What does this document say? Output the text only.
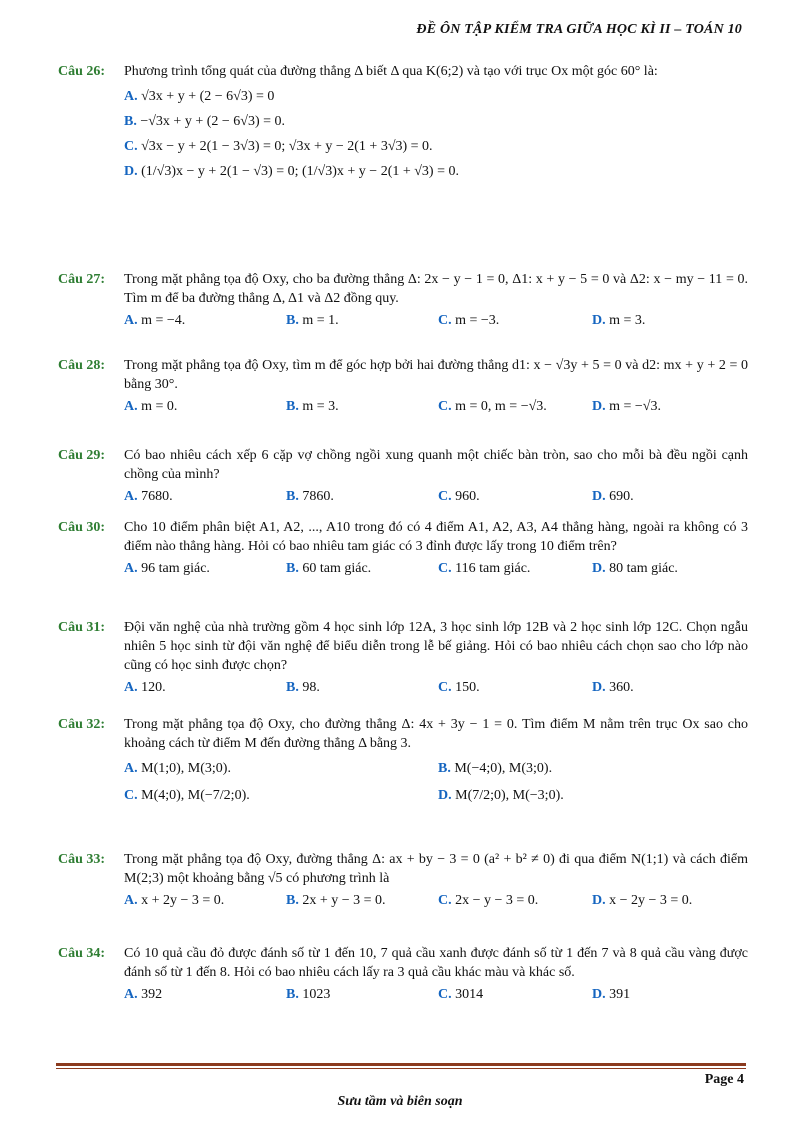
ĐỀ ÔN TẬP KIỂM TRA GIỮA HỌC KÌ II – TOÁN 10
Câu 26: Phương trình tổng quát của đường thẳng Δ biết Δ qua K(6;2) và tạo với trục Ox một góc 60° là:
A. √3x + y + (2 − 6√3) = 0
B. −√3x + y + (2 − 6√3) = 0.
C. √3x − y + 2(1 − 3√3) = 0; √3x + y − 2(1 + 3√3) = 0.
D. (1/√3)x − y + 2(1 − √3) = 0; (1/√3)x + y − 2(1 + √3) = 0.
Câu 27: Trong mặt phẳng tọa độ Oxy, cho ba đường thẳng Δ: 2x − y − 1 = 0, Δ1: x + y − 5 = 0 và Δ2: x − my − 11 = 0. Tìm m để ba đường thẳng Δ, Δ1 và Δ2 đồng quy.
A. m = −4.	B. m = 1.	C. m = −3.	D. m = 3.
Câu 28: Trong mặt phẳng tọa độ Oxy, tìm m để góc hợp bởi hai đường thẳng d1: x − √3y + 5 = 0 và d2: mx + y + 2 = 0 bằng 30°.
A. m = 0.	B. m = 3.	C. m = 0, m = −√3.	D. m = −√3.
Câu 29: Có bao nhiêu cách xếp 6 cặp vợ chồng ngồi xung quanh một chiếc bàn tròn, sao cho mỗi bà đều ngồi cạnh chồng của mình?
A. 7680.	B. 7860.	C. 960.	D. 690.
Câu 30: Cho 10 điểm phân biệt A1, A2, ..., A10 trong đó có 4 điểm A1, A2, A3, A4 thẳng hàng, ngoài ra không có 3 điểm nào thẳng hàng. Hỏi có bao nhiêu tam giác có 3 đỉnh được lấy trong 10 điểm trên?
A. 96 tam giác.	B. 60 tam giác.	C. 116 tam giác.	D. 80 tam giác.
Câu 31: Đội văn nghệ của nhà trường gồm 4 học sinh lớp 12A, 3 học sinh lớp 12B và 2 học sinh lớp 12C. Chọn ngẫu nhiên 5 học sinh từ đội văn nghệ để biểu diễn trong lễ bế giảng. Hỏi có bao nhiêu cách chọn sao cho lớp nào cũng có học sinh được chọn?
A. 120.	B. 98.	C. 150.	D. 360.
Câu 32: Trong mặt phẳng tọa độ Oxy, cho đường thẳng Δ: 4x + 3y − 1 = 0. Tìm điểm M nằm trên trục Ox sao cho khoảng cách từ điểm M đến đường thẳng Δ bằng 3.
A. M(1;0), M(3;0).	B. M(−4;0), M(3;0).
C. M(4;0), M(−7/2;0).	D. M(7/2;0), M(−3;0).
Câu 33: Trong mặt phẳng tọa độ Oxy, đường thẳng Δ: ax + by − 3 = 0 (a² + b² ≠ 0) đi qua điểm N(1;1) và cách điểm M(2;3) một khoảng bằng √5 có phương trình là
A. x + 2y − 3 = 0.	B. 2x + y − 3 = 0.	C. 2x − y − 3 = 0.	D. x − 2y − 3 = 0.
Câu 34: Có 10 quả cầu đỏ được đánh số từ 1 đến 10, 7 quả cầu xanh được đánh số từ 1 đến 7 và 8 quả cầu vàng được đánh số từ 1 đến 8. Hỏi có bao nhiêu cách lấy ra 3 quả cầu khác màu và khác số.
A. 392	B. 1023	C. 3014	D. 391
Page 4
Sưu tầm và biên soạn
